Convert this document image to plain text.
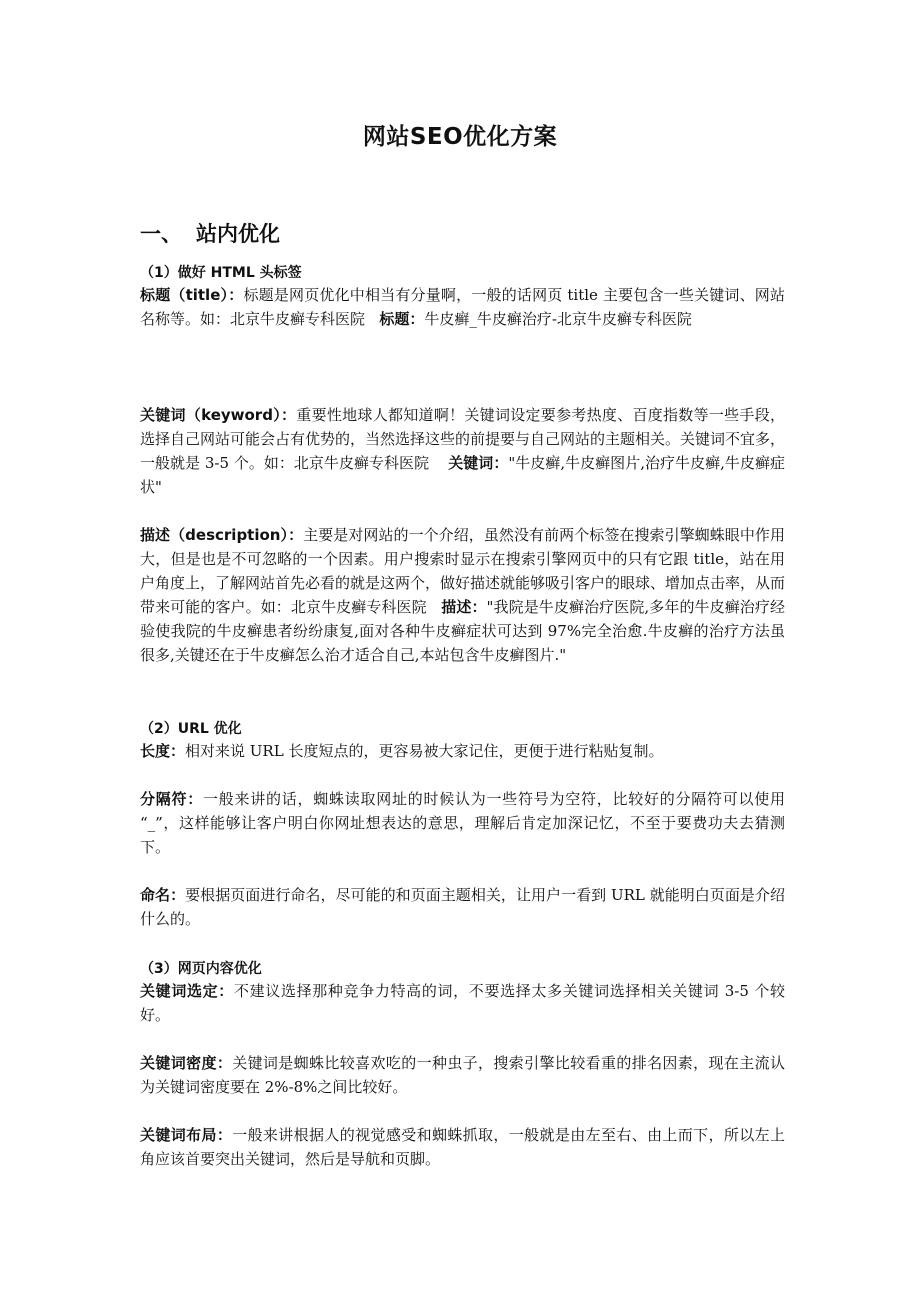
网站SEO优化方案
一、 站内优化
（1）做好 HTML 头标签
标题（title）：标题是网页优化中相当有分量啊，一般的话网页 title 主要包含一些关键词、网站名称等。如：北京牛皮癣专科医院 标题：牛皮癣_牛皮癣治疗-北京牛皮癣专科医院
关键词（keyword）：重要性地球人都知道啊！关键词设定要参考热度、百度指数等一些手段，选择自己网站可能会占有优势的，当然选择这些的前提要与自己网站的主题相关。关键词不宜多，一般就是 3-5 个。如：北京牛皮癣专科医院 关键词："牛皮癣,牛皮癣图片,治疗牛皮癣,牛皮癣症状"
描述（description）：主要是对网站的一个介绍，虽然没有前两个标签在搜索引擎蜘蛛眼中作用大，但是也是不可忽略的一个因素。用户搜索时显示在搜索引擎网页中的只有它跟 title，站在用户角度上，了解网站首先必看的就是这两个，做好描述就能够吸引客户的眼球、增加点击率，从而带来可能的客户。如：北京牛皮癣专科医院 描述："我院是牛皮癣治疗医院,多年的牛皮癣治疗经验使我院的牛皮癣患者纷纷康复,面对各种牛皮癣症状可达到 97%完全治愈.牛皮癣的治疗方法虽很多,关键还在于牛皮癣怎么治才适合自己,本站包含牛皮癣图片."
（2）URL 优化
长度：相对来说 URL 长度短点的，更容易被大家记住，更便于进行粘贴复制。
分隔符：一般来讲的话，蜘蛛读取网址的时候认为一些符号为空符，比较好的分隔符可以使用 “_”，这样能够让客户明白你网址想表达的意思，理解后肯定加深记忆，不至于要费功夫去猜测下。
命名：要根据页面进行命名，尽可能的和页面主题相关，让用户一看到 URL 就能明白页面是介绍什么的。
（3）网页内容优化
关键词选定：不建议选择那种竞争力特高的词，不要选择太多关键词选择相关关键词 3-5 个较好。
关键词密度：关键词是蜘蛛比较喜欢吃的一种虫子，搜索引擎比较看重的排名因素，现在主流认为关键词密度要在 2%-8%之间比较好。
关键词布局：一般来讲根据人的视觉感受和蜘蛛抓取，一般就是由左至右、由上而下，所以左上角应该首要突出关键词，然后是导航和页脚。
